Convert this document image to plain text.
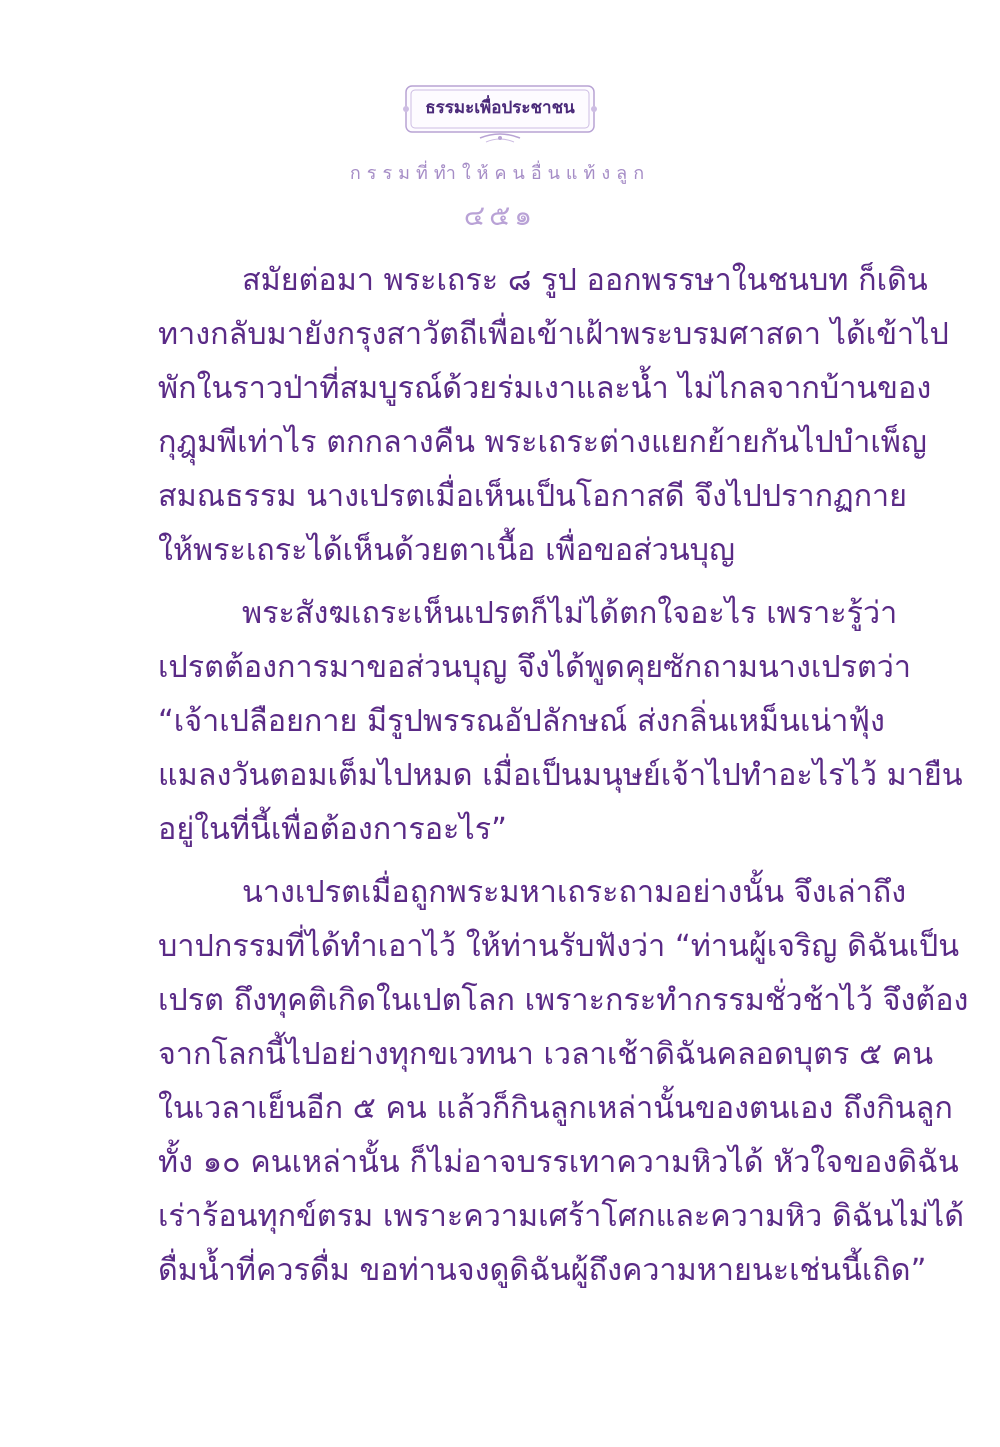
ธรรมะเพื่อประชาชน
กรรมที่ทำให้คนอื่นแท้งลูก
๔๕๑
สมัยต่อมา พระเถระ ๘ รูป ออกพรรษาในชนบท ก็เดิน
ทางกลับมายังกรุงสาวัตถีเพื่อเข้าเฝ้าพระบรมศาสดา ได้เข้าไป
พักในราวป่าที่สมบูรณ์ด้วยร่มเงาและน้ำ ไม่ไกลจากบ้านของ
กุฎุมพีเท่าไร ตกกลางคืน พระเถระต่างแยกย้ายกันไปบำเพ็ญ
สมณธรรม นางเปรตเมื่อเห็นเป็นโอกาสดี จึงไปปรากฏกาย
ให้พระเถระได้เห็นด้วยตาเนื้อ เพื่อขอส่วนบุญ
พระสังฆเถระเห็นเปรตก็ไม่ได้ตกใจอะไร เพราะรู้ว่า
เปรตต้องการมาขอส่วนบุญ จึงได้พูดคุยซักถามนางเปรตว่า
“เจ้าเปลือยกาย มีรูปพรรณอัปลักษณ์ ส่งกลิ่นเหม็นเน่าฟุ้ง
แมลงวันตอมเต็มไปหมด เมื่อเป็นมนุษย์เจ้าไปทำอะไรไว้ มายืน
อยู่ในที่นี้เพื่อต้องการอะไร”
นางเปรตเมื่อถูกพระมหาเถระถามอย่างนั้น จึงเล่าถึง
บาปกรรมที่ได้ทำเอาไว้ ให้ท่านรับฟังว่า “ท่านผู้เจริญ ดิฉันเป็น
เปรต ถึงทุคติเกิดในเปตโลก เพราะกระทำกรรมชั่วช้าไว้ จึงต้อง
จากโลกนี้ไปอย่างทุกขเวทนา เวลาเช้าดิฉันคลอดบุตร ๕ คน
ในเวลาเย็นอีก ๕ คน แล้วก็กินลูกเหล่านั้นของตนเอง ถึงกินลูก
ทั้ง ๑๐ คนเหล่านั้น ก็ไม่อาจบรรเทาความหิวได้ หัวใจของดิฉัน
เร่าร้อนทุกข์ตรม เพราะความเศร้าโศกและความหิว ดิฉันไม่ได้
ดื่มน้ำที่ควรดื่ม ขอท่านจงดูดิฉันผู้ถึงความหายนะเช่นนี้เถิด”
